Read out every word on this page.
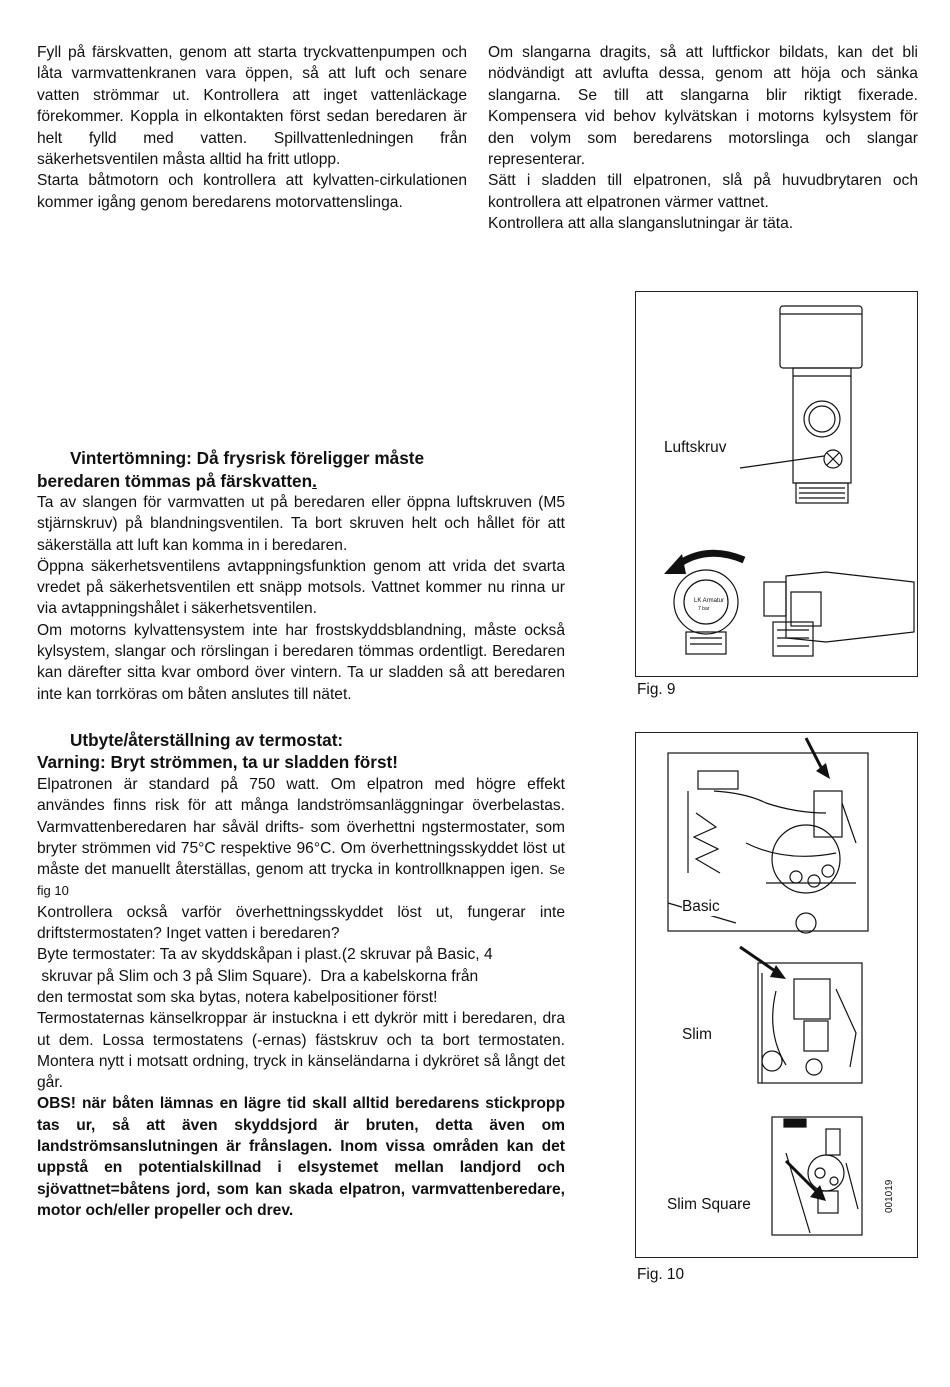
Fyll på färskvatten, genom att starta tryckvattenpumpen och låta varmvattenkranen vara öppen, så att luft och senare vatten strömmar ut. Kontrollera att inget vattenläckage förekommer. Koppla in elkontakten först sedan beredaren är helt fylld med vatten. Spillvattenledningen från säkerhetsventilen måsta alltid ha fritt utlopp.

Starta båtmotorn och kontrollera att kylvatten-cirkulationen kommer igång genom beredarens motorvattenslinga.

Om slangarna dragits, så att luftfickor bildats, kan det bli nödvändigt att avlufta dessa, genom att höja och sänka slangarna. Se till att slangarna blir riktigt fixerade. Kompensera vid behov kylvätskan i motorns kylsystem för den volym som beredarens motorslinga och slangar representerar.

Sätt i sladden till elpatronen, slå på huvudbrytaren och kontrollera att elpatronen värmer vattnet.

Kontrollera att alla slanganslutningar är täta.

Vintertömning: Då frysrisk föreligger måste
beredaren tömmas på färskvatten.

Ta av slangen för varmvatten ut på beredaren eller öppna luftskruven (M5 stjärnskruv) på blandningsventilen. Ta bort skruven helt och hållet för att säkerställa att luft kan komma in i beredaren.

Öppna säkerhetsventilens avtappningsfunktion genom att vrida det svarta vredet på säkerhetsventilen ett snäpp motsols. Vattnet kommer nu rinna ur via avtappningshålet i säkerhetsventilen.

Om motorns kylvattensystem inte har frostskyddsblandning, måste också kylsystem, slangar och rörslingan i beredaren tömmas ordentligt. Beredaren kan därefter sitta kvar ombord över vintern. Ta ur sladden så att beredaren inte kan torrköras om båten anslutes till nätet.

Utbyte/återställning av termostat:
Varning: Bryt strömmen, ta ur sladden först!

Elpatronen är standard på 750 watt. Om elpatron med högre effekt användes finns risk för att många landströmsanläggningar överbelastas. Varmvattenberedaren har såväl drifts- som överhettni ngstermostater, som bryter strömmen vid 75°C respektive 96°C. Om överhettningsskyddet löst ut måste det manuellt återställas, genom att trycka in kontrollknappen igen. Se fig 10

Kontrollera också varför överhettningsskyddet löst ut, fungerar inte driftstermostaten? Inget vatten i beredaren?

Byte termostater: Ta av skyddskåpan i plast.(2 skruvar på Basic, 4
skruvar på Slim och 3 på Slim Square). Dra a kabelskorna från
den termostat som ska bytas, notera kabelpositioner först!

Termostaternas känselkroppar är instuckna i ett dykrör mitt i beredaren, dra ut dem. Lossa termostatens (-ernas) fästskruv och ta bort termostaten. Montera nytt i motsatt ordning, tryck in känseländarna i dykröret så långt det går.

OBS! när båten lämnas en lägre tid skall alltid beredarens stickpropp tas ur, så att även skyddsjord är bruten, detta även om landströmsanslutningen är frånslagen. Inom vissa områden kan det uppstå en potentialskillnad i elsystemet mellan landjord och sjövattnet=båtens jord, som kan skada elpatron, varmvattenberedare, motor och/eller propeller och drev.

LK Armatur
7 bar
Luftskruv
Fig. 9
Basic
Slim
Slim Square	001019
Fig. 10
